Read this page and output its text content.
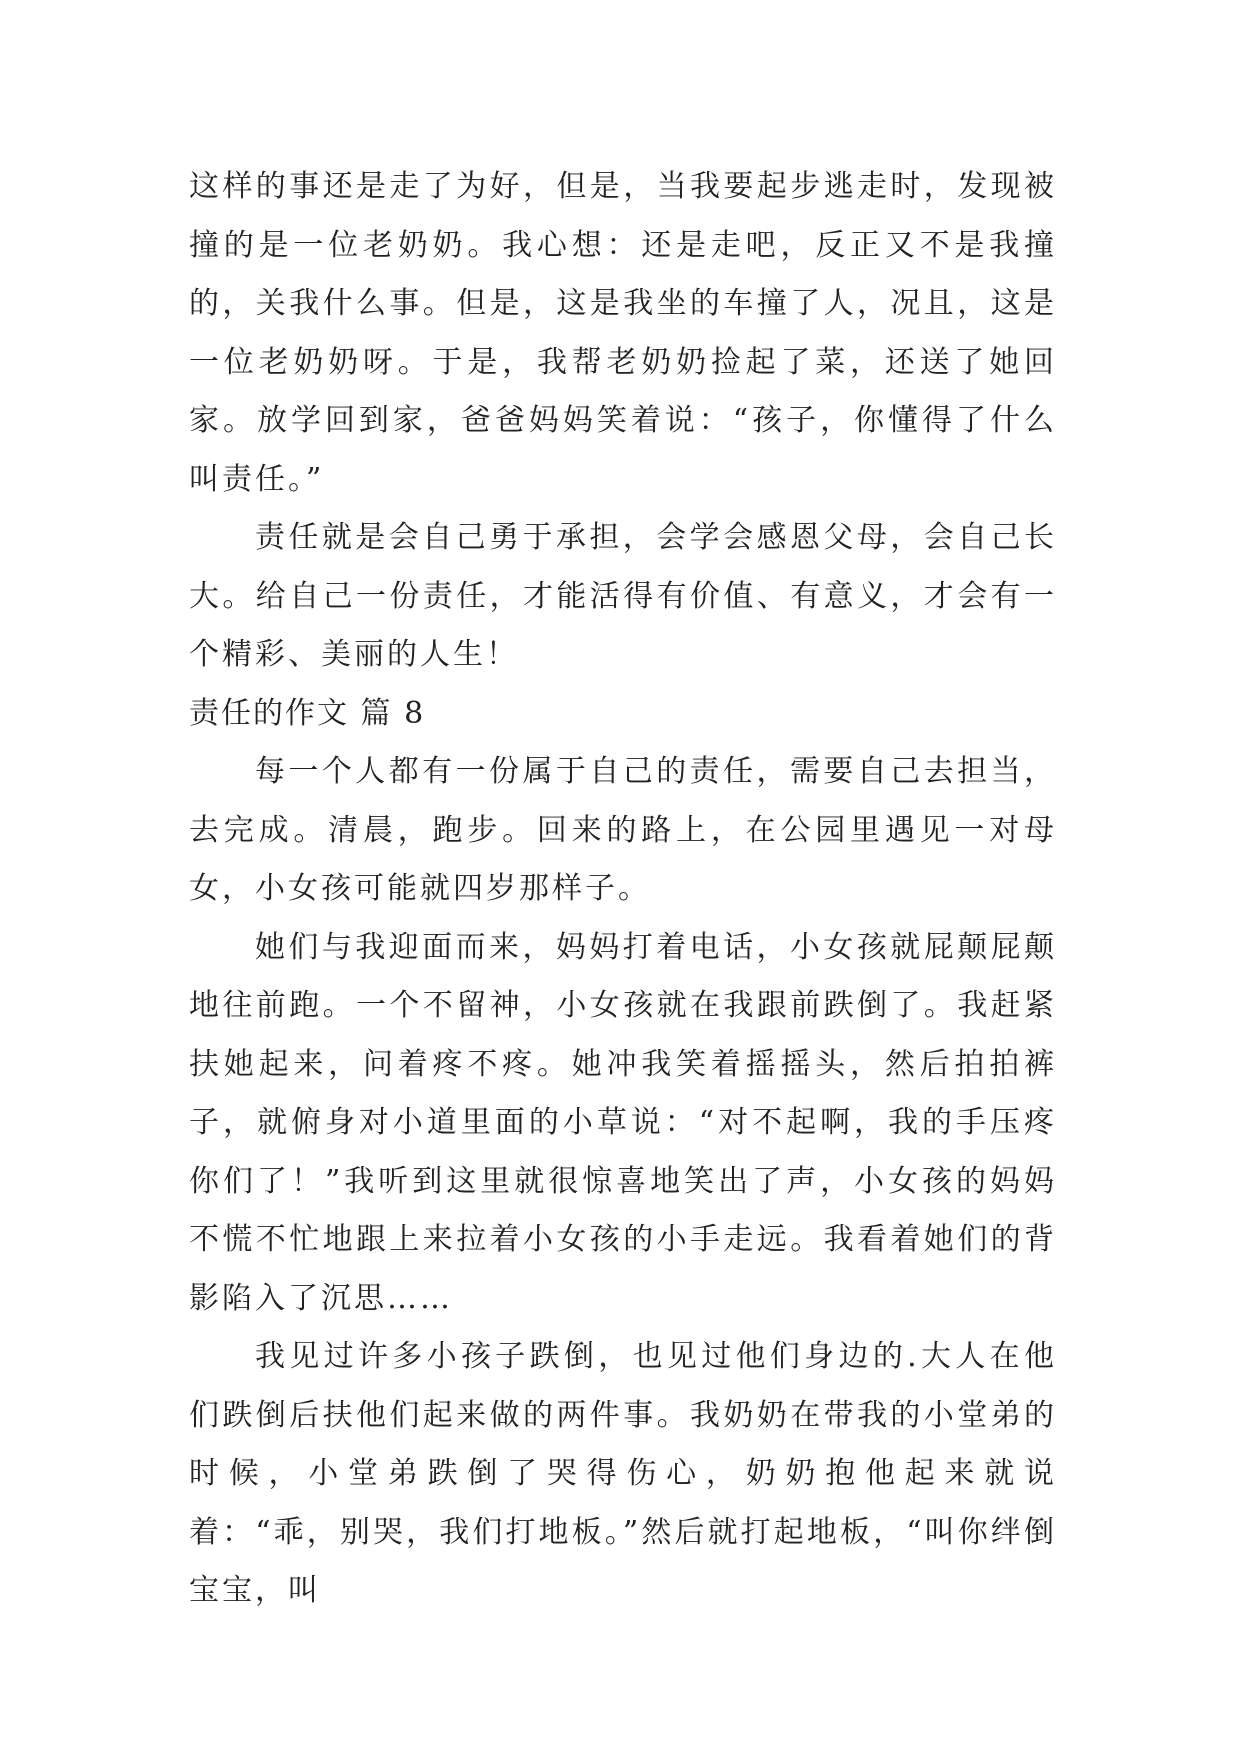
这样的事还是走了为好，但是，当我要起步逃走时，发现被撞的是一位老奶奶。我心想：还是走吧，反正又不是我撞的，关我什么事。但是，这是我坐的车撞了人，况且，这是一位老奶奶呀。于是，我帮老奶奶捡起了菜，还送了她回家。放学回到家，爸爸妈妈笑着说：“孩子，你懂得了什么叫责任。”

责任就是会自己勇于承担，会学会感恩父母，会自己长大。给自己一份责任，才能活得有价值、有意义，才会有一个精彩、美丽的人生！

责任的作文 篇 8

每一个人都有一份属于自己的责任，需要自己去担当，去完成。清晨，跑步。回来的路上，在公园里遇见一对母女，小女孩可能就四岁那样子。

她们与我迎面而来，妈妈打着电话，小女孩就屁颠屁颠地往前跑。一个不留神，小女孩就在我跟前跌倒了。我赶紧扶她起来，问着疼不疼。她冲我笑着摇摇头，然后拍拍裤子，就俯身对小道里面的小草说：“对不起啊，我的手压疼你们了！”我听到这里就很惊喜地笑出了声，小女孩的妈妈不慌不忙地跟上来拉着小女孩的小手走远。我看着她们的背影陷入了沉思……

我见过许多小孩子跌倒，也见过他们身边的.大人在他们跌倒后扶他们起来做的两件事。我奶奶在带我的小堂弟的时候，小堂弟跌倒了哭得伤心，奶奶抱他起来就说着：“乖，别哭，我们打地板。”然后就打起地板，“叫你绊倒宝宝，叫
